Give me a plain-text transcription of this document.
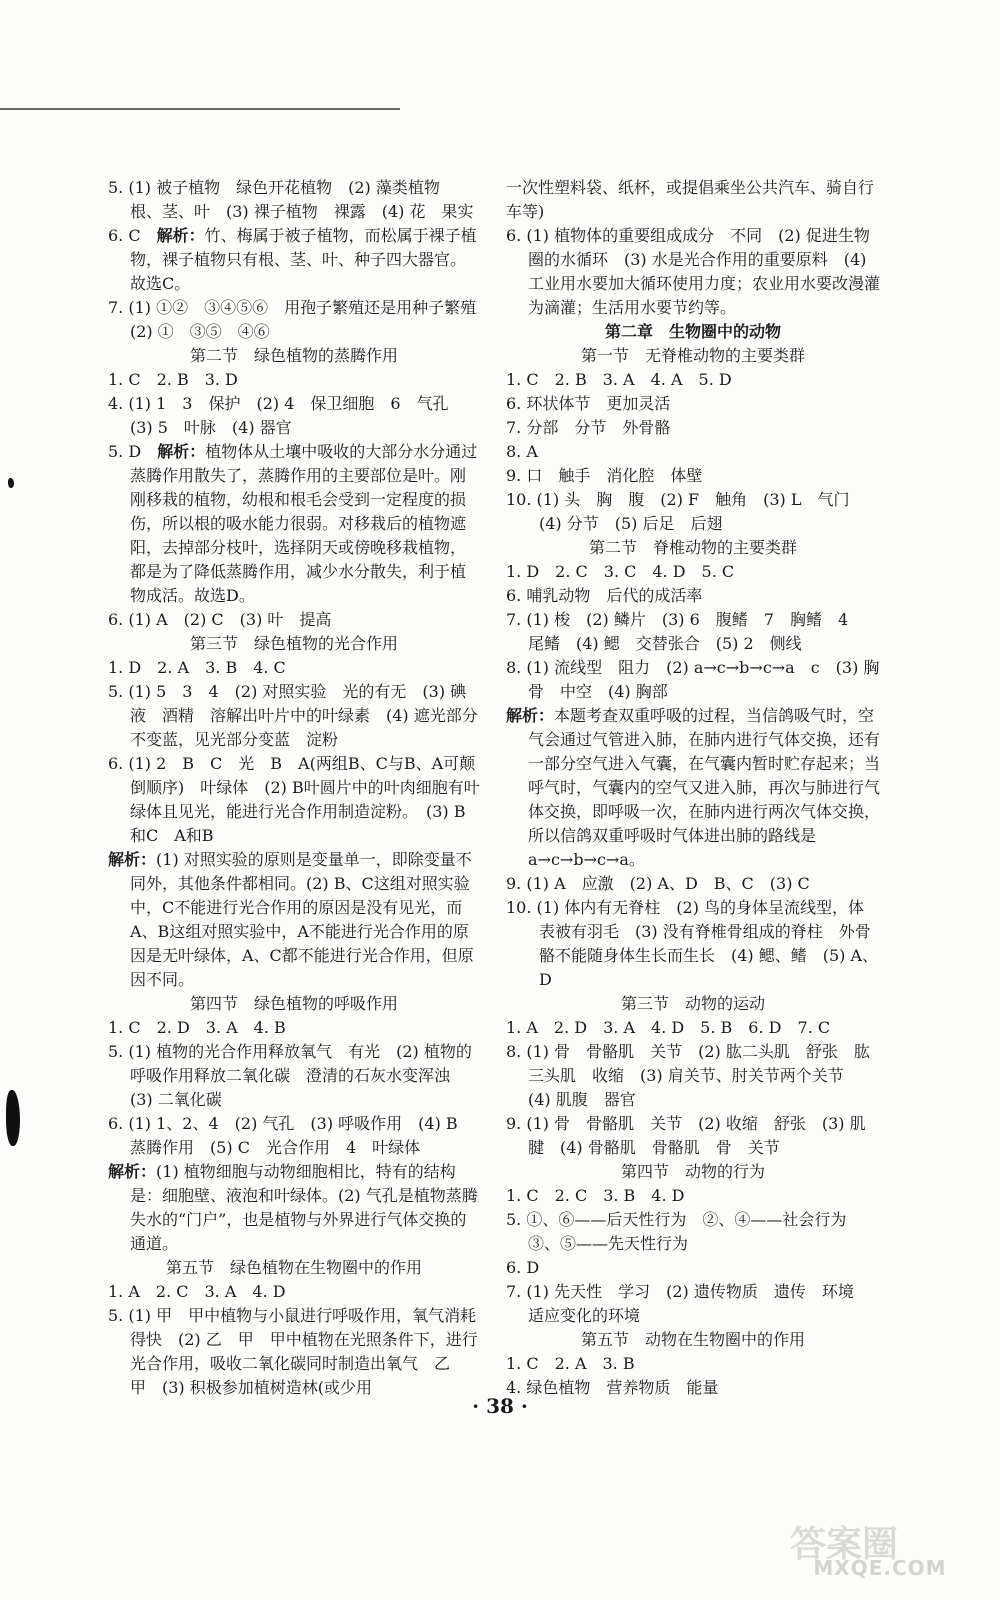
5. (1) 被子植物　绿色开花植物　(2) 藻类植物　根、茎、叶　(3) 裸子植物　裸露　(4) 花　果实

6. C　解析：竹、梅属于被子植物，而松属于裸子植物，裸子植物只有根、茎、叶、种子四大器官。故选C。

7. (1) ①②　③④⑤⑥　用孢子繁殖还是用种子繁殖　(2) ①　③⑤　④⑥

第二节　绿色植物的蒸腾作用

1. C　2. B　3. D

4. (1) 1　3　保护　(2) 4　保卫细胞　6　气孔　(3) 5　叶脉　(4) 器官

5. D　解析：植物体从土壤中吸收的大部分水分通过蒸腾作用散失了，蒸腾作用的主要部位是叶。刚刚移栽的植物，幼根和根毛会受到一定程度的损伤，所以根的吸水能力很弱。对移栽后的植物遮阳，去掉部分枝叶，选择阴天或傍晚移栽植物，都是为了降低蒸腾作用，减少水分散失，利于植物成活。故选D。

6. (1) A　(2) C　(3) 叶　提高

第三节　绿色植物的光合作用

1. D　2. A　3. B　4. C

5. (1) 5　3　4　(2) 对照实验　光的有无　(3) 碘液　酒精　溶解出叶片中的叶绿素　(4) 遮光部分不变蓝，见光部分变蓝　淀粉

6. (1) 2　B　C　光　B　A(两组B、C与B、A可颠倒顺序)　叶绿体　(2) B叶圆片中的叶肉细胞有叶绿体且见光，能进行光合作用制造淀粉。　(3) B和C　A和B

解析：(1) 对照实验的原则是变量单一，即除变量不同外，其他条件都相同。(2) B、C这组对照实验中，C不能进行光合作用的原因是没有见光，而A、B这组对照实验中，A不能进行光合作用的原因是无叶绿体，A、C都不能进行光合作用，但原因不同。

第四节　绿色植物的呼吸作用

1. C　2. D　3. A　4. B

5. (1) 植物的光合作用释放氧气　有光　(2) 植物的呼吸作用释放二氧化碳　澄清的石灰水变浑浊　(3) 二氧化碳

6. (1) 1、2、4　(2) 气孔　(3) 呼吸作用　(4) B　蒸腾作用　(5) C　光合作用　4　叶绿体

解析：(1) 植物细胞与动物细胞相比，特有的结构是：细胞壁、液泡和叶绿体。(2) 气孔是植物蒸腾失水的“门户”，也是植物与外界进行气体交换的通道。

第五节　绿色植物在生物圈中的作用

1. A　2. C　3. A　4. D

5. (1) 甲　甲中植物与小鼠进行呼吸作用，氧气消耗得快　(2) 乙　甲　甲中植物在光照条件下，进行光合作用，吸收二氧化碳同时制造出氧气　乙　甲　(3) 积极参加植树造林(或少用

一次性塑料袋、纸杯，或提倡乘坐公共汽车、骑自行车等)

6. (1) 植物体的重要组成成分　不同　(2) 促进生物圈的水循环　(3) 水是光合作用的重要原料　(4) 工业用水要加大循环使用力度；农业用水要改漫灌为滴灌；生活用水要节约等。

第二章　生物圈中的动物

第一节　无脊椎动物的主要类群

1. C　2. B　3. A　4. A　5. D

6. 环状体节　更加灵活

7. 分部　分节　外骨骼

8. A

9. 口　触手　消化腔　体壁

10. (1) 头　胸　腹　(2) F　触角　(3) L　气门　(4) 分节　(5) 后足　后翅

第二节　脊椎动物的主要类群

1. D　2. C　3. C　4. D　5. C

6. 哺乳动物　后代的成活率

7. (1) 梭　(2) 鳞片　(3) 6　腹鳍　7　胸鳍　4　尾鳍　(4) 鳃　交替张合　(5) 2　侧线

8. (1) 流线型　阻力　(2) a→c→b→c→a　c　(3) 胸骨　中空　(4) 胸部

解析：本题考查双重呼吸的过程，当信鸽吸气时，空气会通过气管进入肺，在肺内进行气体交换，还有一部分空气进入气囊，在气囊内暂时贮存起来；当呼气时，气囊内的空气又进入肺，再次与肺进行气体交换，即呼吸一次，在肺内进行两次气体交换，所以信鸽双重呼吸时气体进出肺的路线是a→c→b→c→a。

9. (1) A　应激　(2) A、D　B、C　(3) C

10. (1) 体内有无脊柱　(2) 鸟的身体呈流线型，体表被有羽毛　(3) 没有脊椎骨组成的脊柱　外骨骼不能随身体生长而生长　(4) 鳃、鳍　(5) A、D

第三节　动物的运动

1. A　2. D　3. A　4. D　5. B　6. D　7. C

8. (1) 骨　骨骼肌　关节　(2) 肱二头肌　舒张　肱三头肌　收缩　(3) 肩关节、肘关节两个关节　(4) 肌腹　器官

9. (1) 骨　骨骼肌　关节　(2) 收缩　舒张　(3) 肌腱　(4) 骨骼肌　骨骼肌　骨　关节

第四节　动物的行为

1. C　2. C　3. B　4. D

5. ①、⑥——后天性行为　②、④——社会行为　③、⑤——先天性行为

6. D

7. (1) 先天性　学习　(2) 遗传物质　遗传　环境　适应变化的环境

第五节　动物在生物圈中的作用

1. C　2. A　3. B

4. 绿色植物　营养物质　能量

· 38 ·
答案圈
MXQE.COM
